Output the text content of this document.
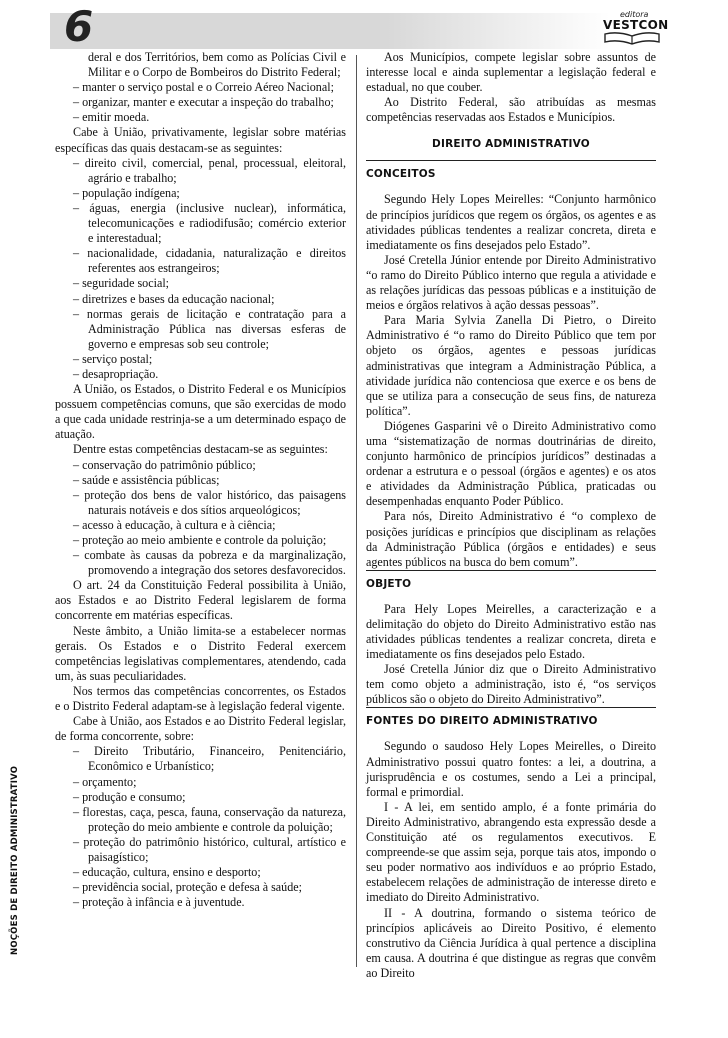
6	editora
VESTCON
NOÇÕES DE DIREITO ADMINISTRATIVO

deral e dos Territórios, bem como as Polícias Civil e Militar e o Corpo de Bombeiros do Distrito Federal;

– manter o serviço postal e o Correio Aéreo Nacional;

– organizar, manter e executar a inspeção do trabalho;

– emitir moeda.

Cabe à União, privativamente, legislar sobre matérias específicas das quais destacam-se as seguintes:

– direito civil, comercial, penal, processual, eleitoral, agrário e trabalho;

– população indígena;

– águas, energia (inclusive nuclear), informática, telecomunicações e radiodifusão; comércio exterior e interestadual;

– nacionalidade, cidadania, naturalização e direitos referentes aos estrangeiros;

– seguridade social;

– diretrizes e bases da educação nacional;

– normas gerais de licitação e contratação para a Administração Pública nas diversas esferas de governo e empresas sob seu controle;

– serviço postal;

– desapropriação.

A União, os Estados, o Distrito Federal e os Municípios possuem competências comuns, que são exercidas de modo a que cada unidade restrinja-se a um determinado espaço de atuação.

Dentre estas competências destacam-se as seguintes:

– conservação do patrimônio público;

– saúde e assistência públicas;

– proteção dos bens de valor histórico, das paisagens naturais notáveis e dos sítios arqueológicos;

– acesso à educação, à cultura e à ciência;

– proteção ao meio ambiente e controle da poluição;

– combate às causas da pobreza e da marginalização, promovendo a integração dos setores desfavorecidos.

O art. 24 da Constituição Federal possibilita à União, aos Estados e ao Distrito Federal legislarem de forma concorrente em matérias específicas.

Neste âmbito, a União limita-se a estabelecer normas gerais. Os Estados e o Distrito Federal exercem competências legislativas complementares, atendendo, cada um, às suas peculiaridades.

Nos termos das competências concorrentes, os Estados e o Distrito Federal adaptam-se à legislação federal vigente.

Cabe à União, aos Estados e ao Distrito Federal legislar, de forma concorrente, sobre:

– Direito Tributário, Financeiro, Penitenciário, Econômico e Urbanístico;

– orçamento;

– produção e consumo;

– florestas, caça, pesca, fauna, conservação da natureza, proteção do meio ambiente e controle da poluição;

– proteção do patrimônio histórico, cultural, artístico e paisagístico;

– educação, cultura, ensino e desporto;

– previdência social, proteção e defesa à saúde;

– proteção à infância e à juventude.

Aos Municípios, compete legislar sobre assuntos de interesse local e ainda suplementar a legislação federal e estadual, no que couber.

Ao Distrito Federal, são atribuídas as mesmas competências reservadas aos Estados e Municípios.

DIREITO ADMINISTRATIVO

CONCEITOS

Segundo Hely Lopes Meirelles: “Conjunto harmônico de princípios jurídicos que regem os órgãos, os agentes e as atividades públicas tendentes a realizar concreta, direta e imediatamente os fins desejados pelo Estado”.

José Cretella Júnior entende por Direito Administrativo “o ramo do Direito Público interno que regula a atividade e as relações jurídicas das pessoas públicas e a instituição de meios e órgãos relativos à ação dessas pessoas”.

Para Maria Sylvia Zanella Di Pietro, o Direito Administrativo é “o ramo do Direito Público que tem por objeto os órgãos, agentes e pessoas jurídicas administrativas que integram a Administração Pública, a atividade jurídica não contenciosa que exerce e os bens de que se utiliza para a consecução de seus fins, de natureza política”.

Diógenes Gasparini vê o Direito Administrativo como uma “sistematização de normas doutrinárias de direito, conjunto harmônico de princípios jurídicos” destinadas a ordenar a estrutura e o pessoal (órgãos e agentes) e os atos e atividades da Administração Pública, praticadas ou desempenhadas enquanto Poder Público.

Para nós, Direito Administrativo é “o complexo de posições jurídicas e princípios que disciplinam as relações da Administração Pública (órgãos e entidades) e seus agentes públicos na busca do bem comum”.

OBJETO

Para Hely Lopes Meirelles, a caracterização e a delimitação do objeto do Direito Administrativo estão nas atividades públicas tendentes a realizar concreta, direta e imediatamente os fins desejados pelo Estado.

José Cretella Júnior diz que o Direito Administrativo tem como objeto a administração, isto é, “os serviços públicos são o objeto do Direito Administrativo”.

FONTES DO DIREITO ADMINISTRATIVO

Segundo o saudoso Hely Lopes Meirelles, o Direito Administrativo possui quatro fontes: a lei, a doutrina, a jurisprudência e os costumes, sendo a Lei a principal, formal e primordial.

I - A lei, em sentido amplo, é a fonte primária do Direito Administrativo, abrangendo esta expressão desde a Constituição até os regulamentos executivos. E compreende-se que assim seja, porque tais atos, impondo o seu poder normativo aos indivíduos e ao próprio Estado, estabelecem relações de administração de interesse direto e imediato do Direito Administrativo.

II - A doutrina, formando o sistema teórico de princípios aplicáveis ao Direito Positivo, é elemento construtivo da Ciência Jurídica à qual pertence a disciplina em causa. A doutrina é que distingue as regras que convêm ao Direito
